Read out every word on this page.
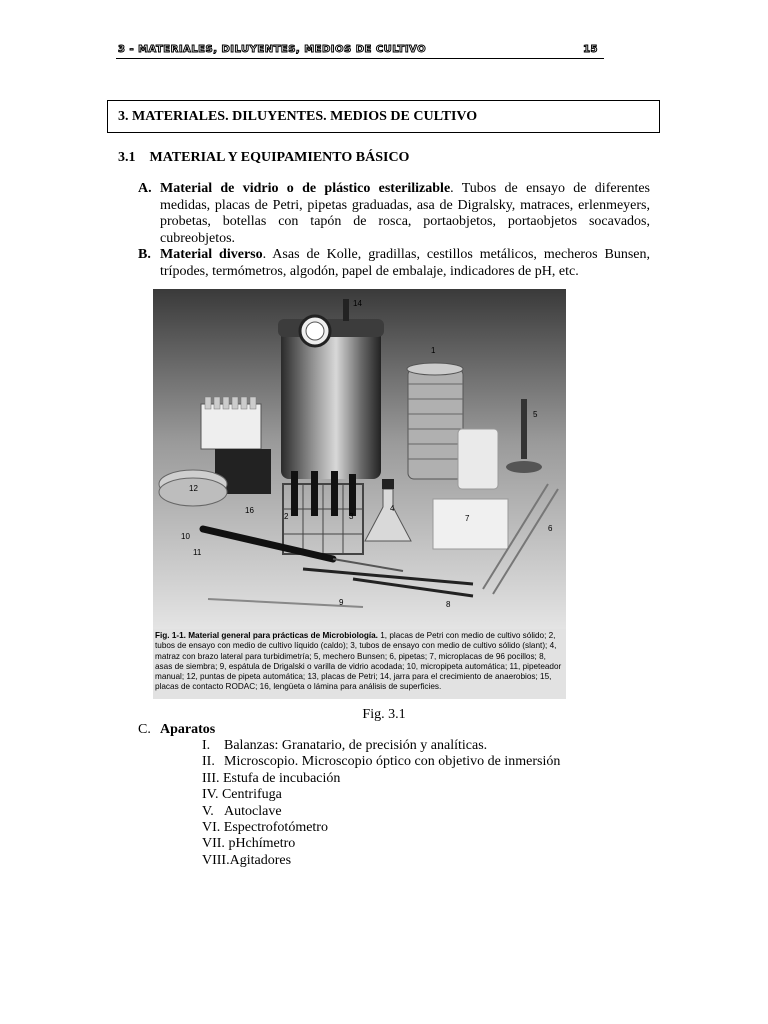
3 - MATERIALES, DILUYENTES, MEDIOS DE CULTIVO	15
3. MATERIALES. DILUYENTES. MEDIOS DE CULTIVO
3.1 MATERIAL Y EQUIPAMIENTO BÁSICO
A. Material de vidrio o de plástico esterilizable. Tubos de ensayo de diferentes medidas, placas de Petri, pipetas graduadas, asa de Digralsky, matraces, erlenmeyers, probetas, botellas con tapón de rosca, portaobjetos, portaobjetos socavados, cubreobjetos.
B. Material diverso. Asas de Kolle, gradillas, cestillos metálicos, mecheros Bunsen, trípodes, termómetros, algodón, papel de embalaje, indicadores de pH, etc.
14
1
5
12
16
2	3
4
7
6
10
11
9	8
Fig. 1-1. Material general para prácticas de Microbiología. 1, placas de Petri con medio de cultivo sólido; 2, tubos de ensayo con medio de cultivo líquido (caldo); 3, tubos de ensayo con medio de cultivo sólido (slant); 4, matraz con brazo lateral para turbidimetría; 5, mechero Bunsen; 6, pipetas; 7, microplacas de 96 pocillos; 8, asas de siembra; 9, espátula de Drigalski o varilla de vidrio acodada; 10, micropipeta automática; 11, pipeteador manual; 12, puntas de pipeta automática; 13, placas de Petri; 14, jarra para el crecimiento de anaerobios; 15, placas de contacto RODAC; 16, lengüeta o lámina para análisis de superficies.
Fig. 3.1
C. Aparatos
I. Balanzas: Granatario, de precisión y analíticas.
II. Microscopio. Microscopio óptico con objetivo de inmersión
III. Estufa de incubación
IV. Centrifuga
V. Autoclave
VI. Espectrofotómetro
VII. pHchímetro
VIII.Agitadores
